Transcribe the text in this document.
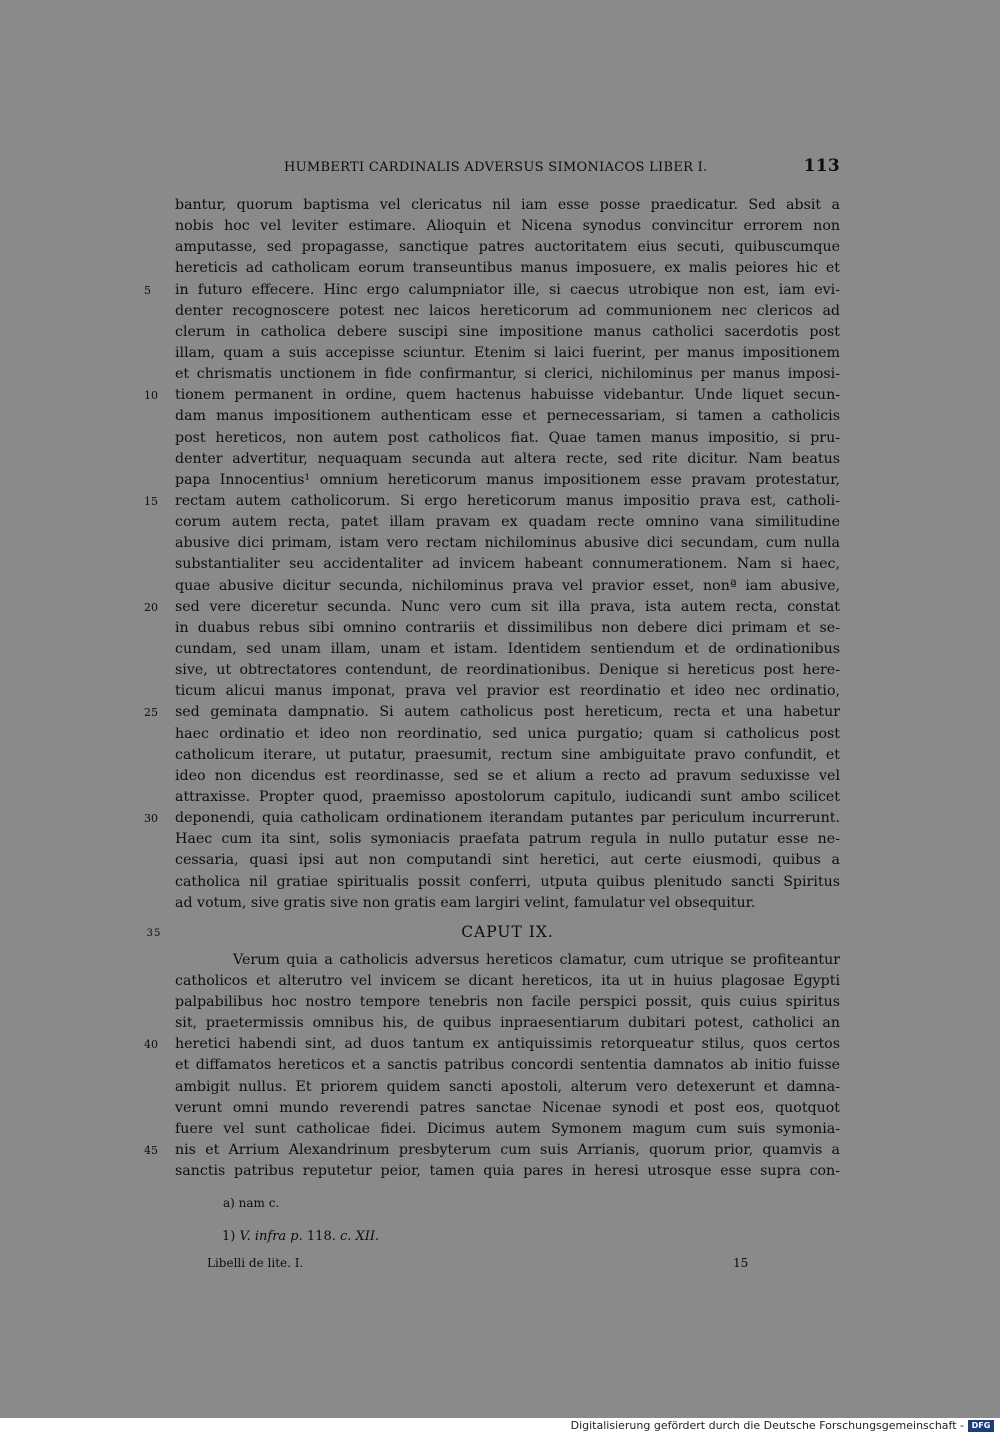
HUMBERTI CARDINALIS ADVERSUS SIMONIACOS LIBER I.	113
bantur, quorum baptisma vel clericatus nil iam esse posse praedicatur. Sed absit a
nobis hoc vel leviter estimare. Alioquin et Nicena synodus convincitur errorem non
amputasse, sed propagasse, sanctique patres auctoritatem eius secuti, quibuscumque
hereticis ad catholicam eorum transeuntibus manus imposuere, ex malis peiores hic et
5	in futuro effecere. Hinc ergo calumpniator ille, si caecus utrobique non est, iam evi-
denter recognoscere potest nec laicos hereticorum ad communionem nec clericos ad
clerum in catholica debere suscipi sine impositione manus catholici sacerdotis post
illam, quam a suis accepisse sciuntur. Etenim si laici fuerint, per manus impositionem
et chrismatis unctionem in fide confirmantur, si clerici, nichilominus per manus imposi-
10	tionem permanent in ordine, quem hactenus habuisse videbantur. Unde liquet secun-
dam manus impositionem authenticam esse et pernecessariam, si tamen a catholicis
post hereticos, non autem post catholicos fiat. Quae tamen manus impositio, si pru-
denter advertitur, nequaquam secunda aut altera recte, sed rite dicitur. Nam beatus
papa Innocentius¹ omnium hereticorum manus impositionem esse pravam protestatur,
15	rectam autem catholicorum. Si ergo hereticorum manus impositio prava est, catholi-
corum autem recta, patet illam pravam ex quadam recte omnino vana similitudine
abusive dici primam, istam vero rectam nichilominus abusive dici secundam, cum nulla
substantialiter seu accidentaliter ad invicem habeant connumerationem. Nam si haec,
quae abusive dicitur secunda, nichilominus prava vel pravior esset, nonª iam abusive,
20	sed vere diceretur secunda. Nunc vero cum sit illa prava, ista autem recta, constat
in duabus rebus sibi omnino contrariis et dissimilibus non debere dici primam et se-
cundam, sed unam illam, unam et istam. Identidem sentiendum et de ordinationibus
sive, ut obtrectatores contendunt, de reordinationibus. Denique si hereticus post here-
ticum alicui manus imponat, prava vel pravior est reordinatio et ideo nec ordinatio,
25	sed geminata dampnatio. Si autem catholicus post hereticum, recta et una habetur
haec ordinatio et ideo non reordinatio, sed unica purgatio; quam si catholicus post
catholicum iterare, ut putatur, praesumit, rectum sine ambiguitate pravo confundit, et
ideo non dicendus est reordinasse, sed se et alium a recto ad pravum seduxisse vel
attraxisse. Propter quod, praemisso apostolorum capitulo, iudicandi sunt ambo scilicet
30	deponendi, quia catholicam ordinationem iterandam putantes par periculum incurrerunt.
Haec cum ita sint, solis symoniacis praefata patrum regula in nullo putatur esse ne-
cessaria, quasi ipsi aut non computandi sint heretici, aut certe eiusmodi, quibus a
catholica nil gratiae spiritualis possit conferri, utputa quibus plenitudo sancti Spiritus
ad votum, sive gratis sive non gratis eam largiri velint, famulatur vel obsequitur.
35	CAPUT IX.
Verum quia a catholicis adversus hereticos clamatur, cum utrique se profiteantur
catholicos et alterutro vel invicem se dicant hereticos, ita ut in huius plagosae Egypti
palpabilibus hoc nostro tempore tenebris non facile perspici possit, quis cuius spiritus
sit, praetermissis omnibus his, de quibus inpraesentiarum dubitari potest, catholici an
40	heretici habendi sint, ad duos tantum ex antiquissimis retorqueatur stilus, quos certos
et diffamatos hereticos et a sanctis patribus concordi sententia damnatos ab initio fuisse
ambigit nullus. Et priorem quidem sancti apostoli, alterum vero detexerunt et damna-
verunt omni mundo reverendi patres sanctae Nicenae synodi et post eos, quotquot
fuere vel sunt catholicae fidei. Dicimus autem Symonem magum cum suis symonia-
45	nis et Arrium Alexandrinum presbyterum cum suis Arrianis, quorum prior, quamvis a
sanctis patribus reputetur peior, tamen quia pares in heresi utrosque esse supra con-
a) nam c.
1) V. infra p. 118. c. XII.
Libelli de lite. I.	15
Digitalisierung gefördert durch die Deutsche Forschungsgemeinschaft - DFG
